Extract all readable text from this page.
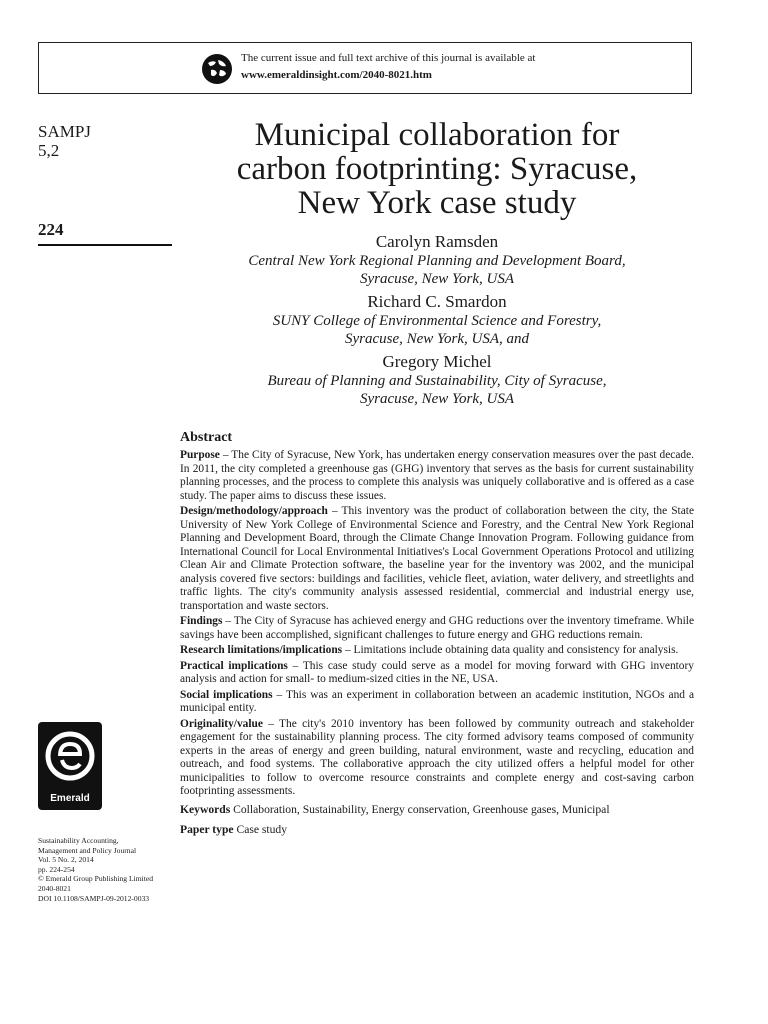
The current issue and full text archive of this journal is available at
www.emeraldinsight.com/2040-8021.htm
SAMPJ
5,2
224
Municipal collaboration for
carbon footprinting: Syracuse,
New York case study
Carolyn Ramsden
Central New York Regional Planning and Development Board,
Syracuse, New York, USA
Richard C. Smardon
SUNY College of Environmental Science and Forestry,
Syracuse, New York, USA, and
Gregory Michel
Bureau of Planning and Sustainability, City of Syracuse,
Syracuse, New York, USA
Abstract

Purpose – The City of Syracuse, New York, has undertaken energy conservation measures over the past decade. In 2011, the city completed a greenhouse gas (GHG) inventory that serves as the basis for current sustainability planning processes, and the process to complete this analysis was uniquely collaborative and is offered as a case study. The paper aims to discuss these issues.

Design/methodology/approach – This inventory was the product of collaboration between the city, the State University of New York College of Environmental Science and Forestry, and the Central New York Regional Planning and Development Board, through the Climate Change Innovation Program. Following guidance from International Council for Local Environmental Initiatives's Local Government Operations Protocol and utilizing Clean Air and Climate Protection software, the baseline year for the inventory was 2002, and the municipal analysis covered five sectors: buildings and facilities, vehicle fleet, aviation, water delivery, and streetlights and traffic lights. The city's community analysis assessed residential, commercial and industrial energy use, transportation and waste sectors.

Findings – The City of Syracuse has achieved energy and GHG reductions over the inventory timeframe. While savings have been accomplished, significant challenges to future energy and GHG reductions remain.

Research limitations/implications – Limitations include obtaining data quality and consistency for analysis.

Practical implications – This case study could serve as a model for moving forward with GHG inventory analysis and action for small- to medium-sized cities in the NE, USA.

Social implications – This was an experiment in collaboration between an academic institution, NGOs and a municipal entity.

Originality/value – The city's 2010 inventory has been followed by community outreach and stakeholder engagement for the sustainability planning process. The city formed advisory teams composed of community experts in the areas of energy and green building, natural environment, waste and recycling, education and outreach, and food systems. The collaborative approach the city utilized offers a helpful model for other municipalities to follow to overcome resource constraints and complete energy and cost-saving carbon footprinting assessments.

Keywords Collaboration, Sustainability, Energy conservation, Greenhouse gases, Municipal
Paper type Case study
Emerald
Sustainability Accounting,
Management and Policy Journal
Vol. 5 No. 2, 2014
pp. 224-254
© Emerald Group Publishing Limited
2040-8021
DOI 10.1108/SAMPJ-09-2012-0033
